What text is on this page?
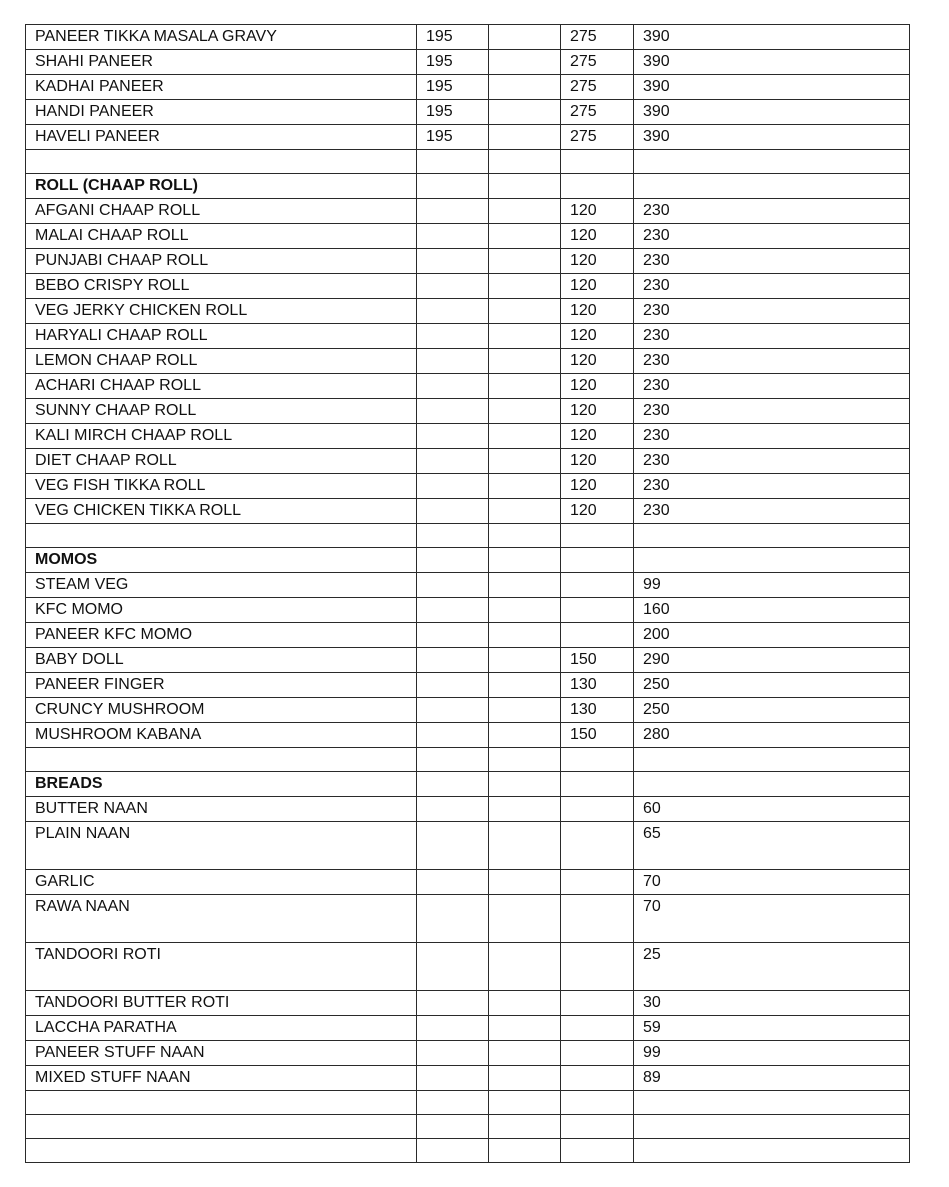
PANEER TIKKA MASALA GRAVY	195		275	390
SHAHI PANEER	195		275	390
KADHAI PANEER	195		275	390
HANDI PANEER	195		275	390
HAVELI PANEER	195		275	390

ROLL (CHAAP ROLL)				
AFGANI CHAAP ROLL			120	230
MALAI CHAAP ROLL			120	230
PUNJABI CHAAP ROLL			120	230
BEBO CRISPY ROLL			120	230
VEG JERKY CHICKEN ROLL			120	230
HARYALI CHAAP ROLL			120	230
LEMON CHAAP ROLL			120	230
ACHARI CHAAP ROLL			120	230
SUNNY CHAAP ROLL			120	230
KALI MIRCH CHAAP ROLL			120	230
DIET CHAAP ROLL			120	230
VEG FISH TIKKA ROLL			120	230
VEG CHICKEN TIKKA ROLL			120	230

MOMOS				
STEAM VEG				99
KFC MOMO				160
PANEER KFC MOMO				200
BABY DOLL			150	290
PANEER FINGER			130	250
CRUNCY MUSHROOM			130	250
MUSHROOM KABANA			150	280

BREADS				
BUTTER NAAN				60
PLAIN NAAN				65
GARLIC				70
RAWA NAAN				70
TANDOORI ROTI				25
TANDOORI BUTTER ROTI				30
LACCHA PARATHA				59
PANEER STUFF NAAN				99
MIXED STUFF NAAN				89
